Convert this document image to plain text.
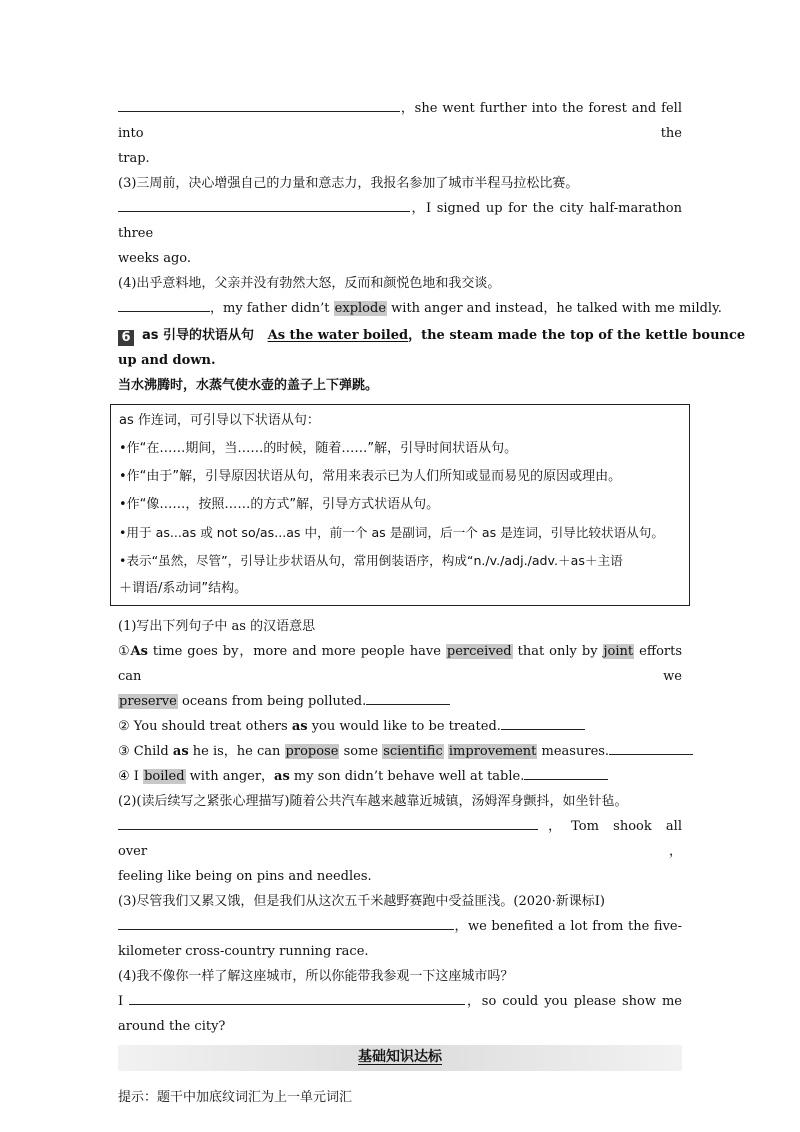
，she went further into the forest and fell into the
trap.
(3)三周前，决心增强自己的力量和意志力，我报名参加了城市半程马拉松比赛。
，I signed up for the city half-marathon three
weeks ago.
(4)出乎意料地，父亲并没有勃然大怒，反而和颜悦色地和我交谈。
，my father didn’t explode with anger and instead，he talked with me mildly.
6 as 引导的状语从句 As the water boiled，the steam made the top of the kettle bounce
up and down.
当水沸腾时，水蒸气使水壶的盖子上下弹跳。
as 作连词，可引导以下状语从句：
•作“在……期间，当……的时候，随着……”解，引导时间状语从句。
•作“由于”解，引导原因状语从句，常用来表示已为人们所知或显而易见的原因或理由。
•作“像……，按照……的方式”解，引导方式状语从句。
•用于 as...as 或 not so/as...as 中，前一个 as 是副词，后一个 as 是连词，引导比较状语从句。
•表示“虽然，尽管”，引导让步状语从句，常用倒装语序，构成“n./v./adj./adv.＋as＋主语
＋谓语/系动词”结构。
(1)写出下列句子中 as 的汉语意思
①As time goes by，more and more people have perceived that only by joint efforts can we
preserve oceans from being polluted.
② You should treat others as you would like to be treated.
③ Child as he is，he can propose some scientific improvement measures.
④ I boiled with anger，as my son didn’t behave well at table.
(2)(读后续写之紧张心理描写)随着公共汽车越来越靠近城镇，汤姆浑身颤抖，如坐针毡。
，Tom shook all over，
feeling like being on pins and needles.
(3)尽管我们又累又饿，但是我们从这次五千米越野赛跑中受益匪浅。(2020·新课标Ⅰ)
，we benefited a lot from the five-
kilometer cross-country running race.
(4)我不像你一样了解这座城市，所以你能带我参观一下这座城市吗？
I	，so could you please show me
around the city?
基础知识达标
提示：题干中加底纹词汇为上一单元词汇
